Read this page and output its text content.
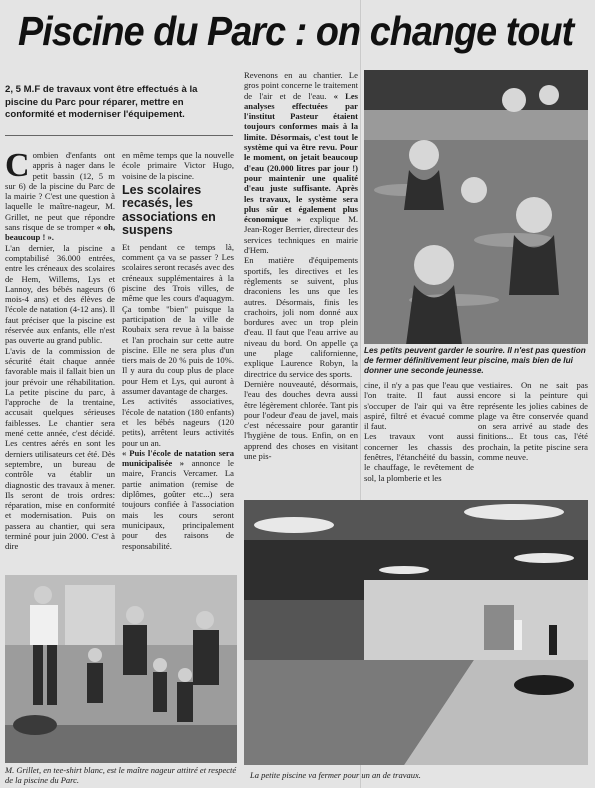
Piscine du Parc : on change tout
2, 5 M.F de travaux vont être effectués à la piscine du Parc pour réparer, mettre en conformité et moderniser l'équipement.

Combien d'enfants ont appris à nager dans le petit bassin (12, 5 m sur 6) de la piscine du Parc de la mairie ? C'est une question à laquelle le maître-nageur, M. Grillet, ne peut que répondre sans risque de se tromper « oh, beaucoup ! ».

L'an dernier, la piscine a comptabilisé 36.000 entrées, entre les créneaux des scolaires de Hem, Willems, Lys et Lannoy, des bébés nageurs (6 mois-4 ans) et des élèves de l'école de natation (4-12 ans). Il faut préciser que la piscine est réservée aux enfants, elle n'est pas ouverte au grand public.

L'avis de la commission de sécurité était chaque année favorable mais il fallait bien un jour prévoir une réhabilitation. La petite piscine du parc, à l'approche de la trentaine, accusait quelques sérieuses faiblesses. Le chantier sera mené cette année, c'est décidé. Les centres aérés en sont les derniers utilisateurs cet été. Dès septembre, un bureau de contrôle va établir un diagnostic des travaux à mener. Ils seront de trois ordres: réparation, mise en conformité et modernisation. Puis on passera au chantier, qui sera terminé pour juin 2000. C'est à dire

en même temps que la nouvelle école primaire Victor Hugo, voisine de la piscine.

Les scolaires recasés, les associations en suspens

Et pendant ce temps là, comment ça va se passer ? Les scolaires seront recasés avec des créneaux supplémentaires à la piscine des Trois villes, de même que les cours d'aquagym. Ça tombe "bien" puisque la participation de la ville de Roubaix sera revue à la baisse et l'an prochain sur cette autre piscine. Elle ne sera plus d'un tiers mais de 20 % puis de 10%. Il y aura du coup plus de place pour Hem et Lys, qui auront à assumer davantage de charges.

Les activités associatives, l'école de natation (180 enfants) et les bébés nageurs (120 petits), arrêtent leurs activités pour un an.

« Puis l'école de natation sera municipalisée » annonce le maire, Francis Vercamer. La partie animation (remise de diplômes, goûter etc...) sera toujours confiée à l'association mais les cours seront municipaux, principalement pour des raisons de responsabilité.

Revenons en au chantier. Le gros point concerne le traitement de l'air et de l'eau. « Les analyses effectuées par l'institut Pasteur étaient toujours conformes mais à la limite. Désormais, c'est tout le système qui va être revu. Pour le moment, on jetait beaucoup d'eau (20.000 litres par jour !) pour maintenir une qualité d'eau juste suffisante. Après les travaux, le système sera plus sûr et également plus économique » explique M. Jean-Roger Berrier, directeur des services techniques en mairie d'Hem.

En matière d'équipements sportifs, les directives et les règlements se suivent, plus draconiens les uns que les autres. Désormais, finis les crachoirs, joli nom donné aux bordures avec un trop plein d'eau. Il faut que l'eau arrive au niveau du bord. On appelle ça une plage californienne, explique Laurence Robyn, la directrice du service des sports.

Dernière nouveauté, désormais, l'eau des douches devra aussi être légèrement chlorée. Tant pis pour l'odeur d'eau de javel, mais c'est nécessaire pour garantir l'hygiène de tous. Enfin, on en apprend des choses en visitant une pis-

Les petits peuvent garder le sourire. Il n'est pas question de fermer définitivement leur piscine, mais bien de lui donner une seconde jeunesse.

cine, il n'y a pas que l'eau que l'on traite. Il faut aussi s'occuper de l'air qui va être aspiré, filtré et évacué comme il faut.

Les travaux vont aussi concerner les chassis des fenêtres, l'étanchéité du bassin, le chauffage, le revêtement de sol, la plomberie et les

vestiaires. On ne sait pas encore si la peinture qui représente les jolies cabines de plage va être conservée quand on sera arrivé au stade des finitions... Et tous cas, l'été prochain, la petite piscine sera comme neuve.

M. Grillet, en tee-shirt blanc, est le maître nageur attitré et respecté de la piscine du Parc.	La petite piscine va fermer pour un an de travaux.
